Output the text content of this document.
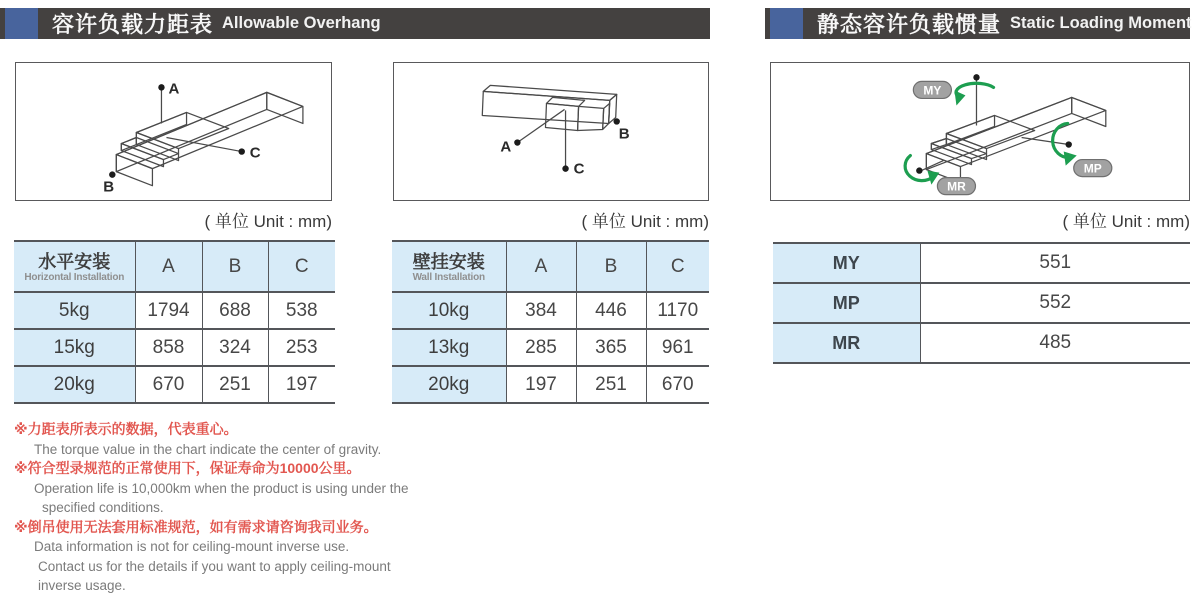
容许负载力距表 Allowable Overhang	静态容许负载惯量 Static Loading Moment
A
C
B
A
C
B
MY
MP
MR
( 单位 Unit : mm)	( 单位 Unit : mm)	( 单位 Unit : mm)
水平安装
Horizontal Installation	A	B	C
5kg	1794	688	538
15kg	858	324	253
20kg	670	251	197
壁挂安装
Wall Installation	A	B	C
10kg	384	446	1170
13kg	285	365	961
20kg	197	251	670
MY	551
MP	552
MR	485
※力距表所表示的数据，代表重心。
The torque value in the chart indicate the center of gravity.
※符合型录规范的正常使用下，保证寿命为10000公里。
Operation life is 10,000km when the product is using under the
specified conditions.
※倒吊使用无法套用标准规范，如有需求请咨询我司业务。
Data information is not for ceiling-mount inverse use.
Contact us for the details if you want to apply ceiling-mount
inverse usage.
